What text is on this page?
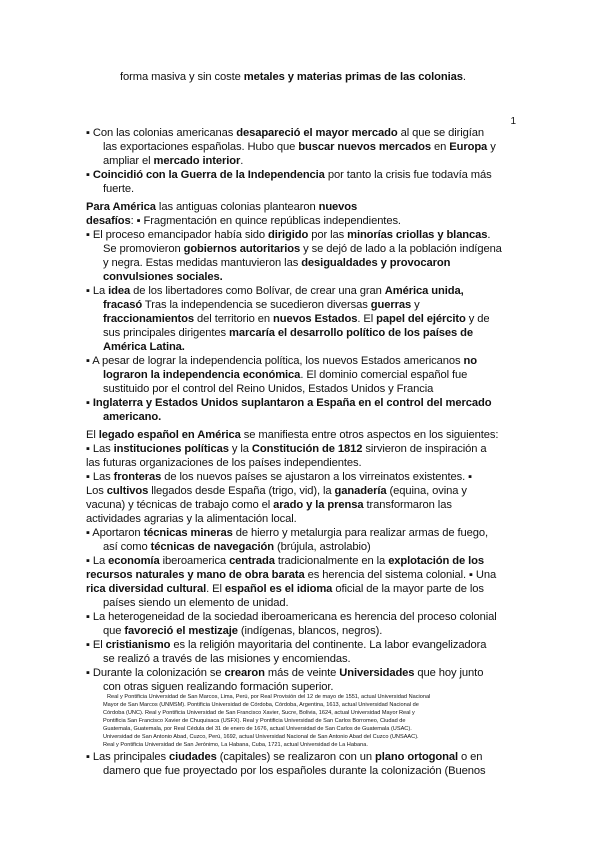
1
forma masiva y sin coste metales y materias primas de las colonias.
▪ Con las colonias americanas desapareció el mayor mercado al que se dirigían
las exportaciones españolas. Hubo que buscar nuevos mercados en Europa y
ampliar el mercado interior.
▪ Coincidió con la Guerra de la Independencia por tanto la crisis fue todavía más
fuerte.
Para América las antiguas colonias plantearon nuevos
desafíos: ▪ Fragmentación en quince repúblicas independientes.
▪ El proceso emancipador había sido dirigido por las minorías criollas y blancas.
Se promovieron gobiernos autoritarios y se dejó de lado a la población indígena
y negra. Estas medidas mantuvieron las desigualdades y provocaron
convulsiones sociales.
▪ La idea de los libertadores como Bolívar, de crear una gran América unida,
fracasó Tras la independencia se sucedieron diversas guerras y
fraccionamientos del territorio en nuevos Estados. El papel del ejército y de
sus principales dirigentes marcaría el desarrollo político de los países de
América Latina.
▪ A pesar de lograr la independencia política, los nuevos Estados americanos no
lograron la independencia económica. El dominio comercial español fue
sustituido por el control del Reino Unidos, Estados Unidos y Francia
▪ Inglaterra y Estados Unidos suplantaron a España en el control del mercado
americano.
El legado español en América se manifiesta entre otros aspectos en los siguientes:
▪ Las instituciones políticas y la Constitución de 1812 sirvieron de inspiración a
las futuras organizaciones de los países independientes.
▪ Las fronteras de los nuevos países se ajustaron a los virreinatos existentes. ▪
Los cultivos llegados desde España (trigo, vid), la ganadería (equina, ovina y
vacuna) y técnicas de trabajo como el arado y la prensa transformaron las
actividades agrarias y la alimentación local.
▪ Aportaron técnicas mineras de hierro y metalurgia para realizar armas de fuego,
así como técnicas de navegación (brújula, astrolabio)
▪ La economía iberoamerica centrada tradicionalmente en la explotación de los
recursos naturales y mano de obra barata es herencia del sistema colonial. ▪ Una
rica diversidad cultural. El español es el idioma oficial de la mayor parte de los
países siendo un elemento de unidad.
▪ La heterogeneidad de la sociedad iberoamericana es herencia del proceso colonial
que favoreció el mestizaje (indígenas, blancos, negros).
▪ El cristianismo es la religión mayoritaria del continente. La labor evangelizadora
se realizó a través de las misiones y encomiendas.
▪ Durante la colonización se crearon más de veinte Universidades que hoy junto
con otras siguen realizando formación superior.
Real y Pontificia Universidad de San Marcos, Lima, Perú, por Real Provisión del 12 de mayo de 1551, actual Universidad Nacional
Mayor de San Marcos (UNMSM). Pontificia Universidad de Córdoba, Córdoba, Argentina, 1613, actual Universidad Nacional de
Córdoba (UNC). Real y Pontificia Universidad de San Francisco Xavier, Sucre, Bolivia, 1624, actual Universidad Mayor Real y
Pontificia San Francisco Xavier de Chuquisaca (USFX). Real y Pontificia Universidad de San Carlos Borromeo, Ciudad de
Guatemala, Guatemala, por Real Cédula del 31 de enero de 1676, actual Universidad de San Carlos de Guatemala (USAC).
Universidad de San Antonio Abad, Cuzco, Perú, 1692, actual Universidad Nacional de San Antonio Abad del Cuzco (UNSAAC).
Real y Pontificia Universidad de San Jerónimo, La Habana, Cuba, 1721, actual Universidad de La Habana.
▪ Las principales ciudades (capitales) se realizaron con un plano ortogonal o en
damero que fue proyectado por los españoles durante la colonización (Buenos
